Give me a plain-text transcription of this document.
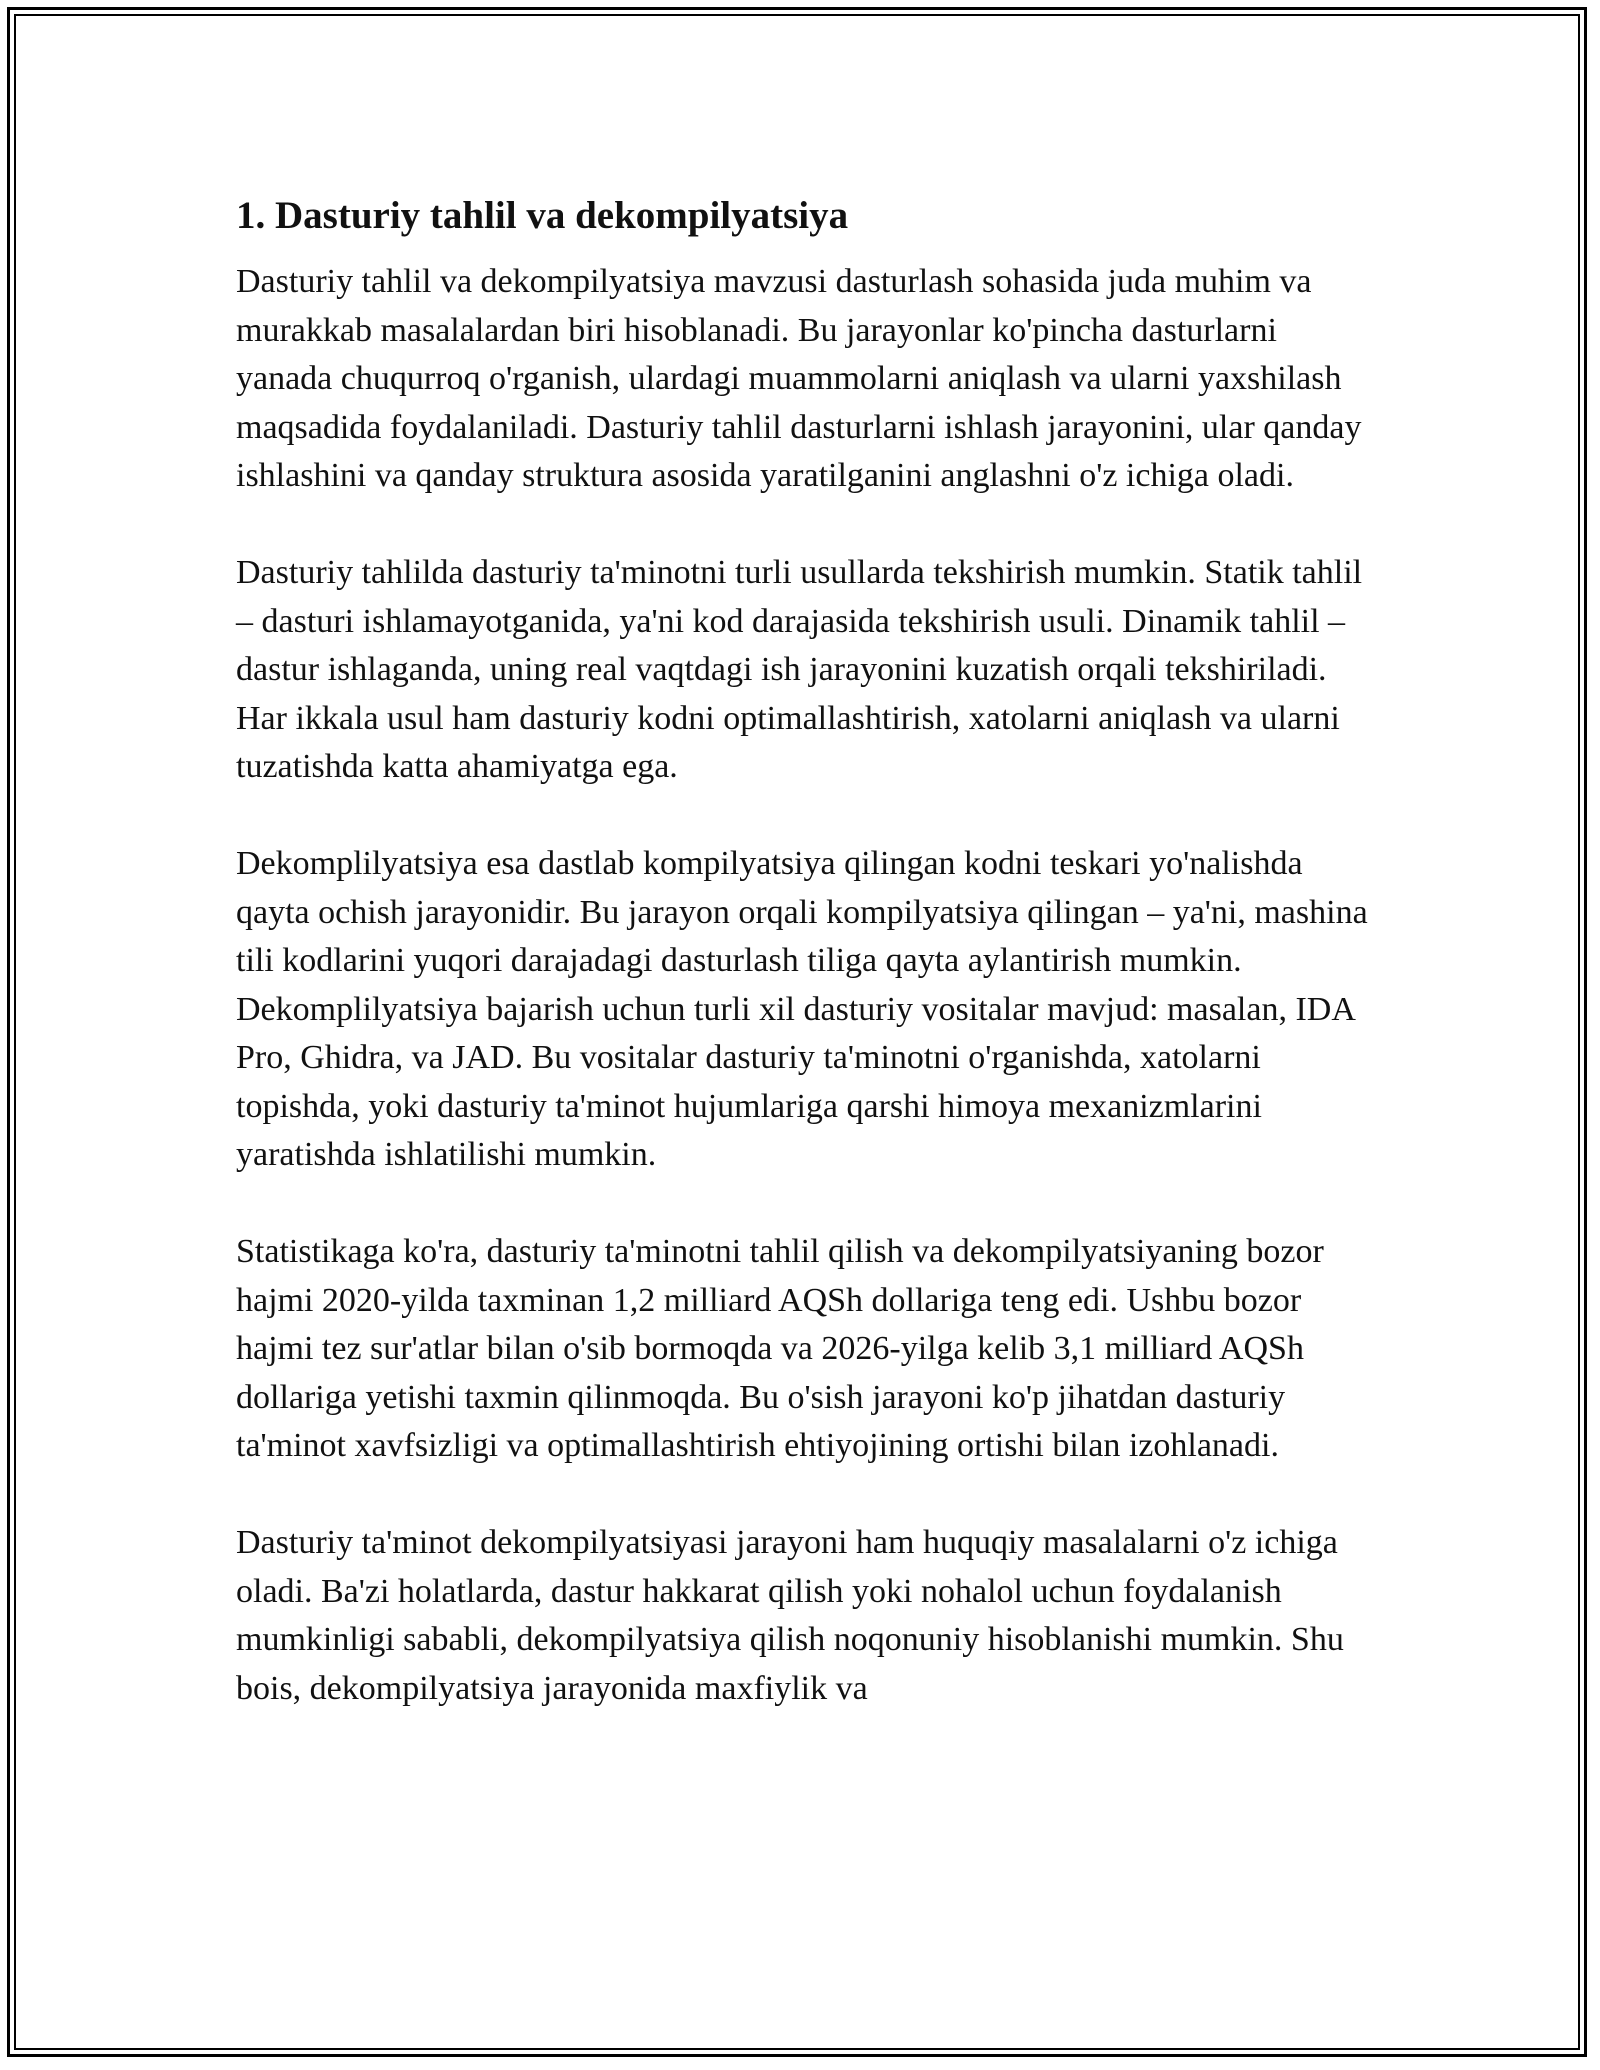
1. Dasturiy tahlil va dekompilyatsiya

Dasturiy tahlil va dekompilyatsiya mavzusi dasturlash sohasida juda muhim va murakkab masalalardan biri hisoblanadi. Bu jarayonlar ko'pincha dasturlarni yanada chuqurroq o'rganish, ulardagi muammolarni aniqlash va ularni yaxshilash maqsadida foydalaniladi. Dasturiy tahlil dasturlarni ishlash jarayonini, ular qanday ishlashini va qanday struktura asosida yaratilganini anglashni o'z ichiga oladi.

Dasturiy tahlilda dasturiy ta'minotni turli usullarda tekshirish mumkin. Statik tahlil – dasturi ishlamayotganida, ya'ni kod darajasida tekshirish usuli. Dinamik tahlil – dastur ishlaganda, uning real vaqtdagi ish jarayonini kuzatish orqali tekshiriladi. Har ikkala usul ham dasturiy kodni optimallashtirish, xatolarni aniqlash va ularni tuzatishda katta ahamiyatga ega.

Dekomplilyatsiya esa dastlab kompilyatsiya qilingan kodni teskari yo'nalishda qayta ochish jarayonidir. Bu jarayon orqali kompilyatsiya qilingan – ya'ni, mashina tili kodlarini yuqori darajadagi dasturlash tiliga qayta aylantirish mumkin. Dekomplilyatsiya bajarish uchun turli xil dasturiy vositalar mavjud: masalan, IDA Pro, Ghidra, va JAD. Bu vositalar dasturiy ta'minotni o'rganishda, xatolarni topishda, yoki dasturiy ta'minot hujumlariga qarshi himoya mexanizmlarini yaratishda ishlatilishi mumkin.

Statistikaga ko'ra, dasturiy ta'minotni tahlil qilish va dekompilyatsiyaning bozor hajmi 2020-yilda taxminan 1,2 milliard AQSh dollariga teng edi. Ushbu bozor hajmi tez sur'atlar bilan o'sib bormoqda va 2026-yilga kelib 3,1 milliard AQSh dollariga yetishi taxmin qilinmoqda. Bu o'sish jarayoni ko'p jihatdan dasturiy ta'minot xavfsizligi va optimallashtirish ehtiyojining ortishi bilan izohlanadi.

Dasturiy ta'minot dekompilyatsiyasi jarayoni ham huquqiy masalalarni o'z ichiga oladi. Ba'zi holatlarda, dastur hakkarat qilish yoki nohalol uchun foydalanish mumkinligi sababli, dekompilyatsiya qilish noqonuniy hisoblanishi mumkin. Shu bois, dekompilyatsiya jarayonida maxfiylik va
